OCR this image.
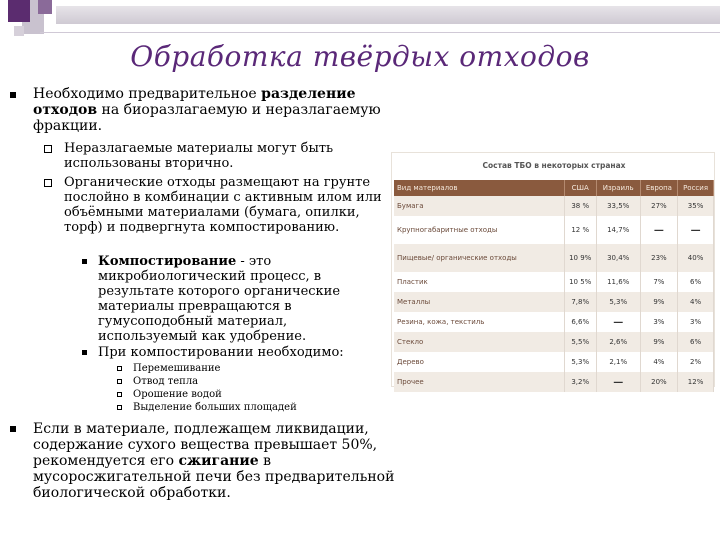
Обработка твёрдых отходов
Необходимо предварительное разделение отходов на биоразлагаемую и неразлагаемую фракции.
Неразлагаемые материалы могут быть использованы вторично.
Органические отходы размещают на грунте послойно в комбинации с активным илом или объёмными материалами (бумага, опилки, торф) и подвергнута компостированию.
Компостирование - это микробиологический процесс, в результате которого органические материалы превращаются в гумусоподобный материал, используемый как удобрение.
При компостировании необходимо:
Перемешивание
Отвод тепла
Орошение водой
Выделение больших площадей
Если в материале, подлежащем ликвидации, содержание сухого вещества превышает 50%, рекомендуется его сжигание в мусоросжигательной печи без предварительной биологической обработки.
Состав ТБО в некоторых странах
Вид материалов	США	Израиль	Европа	Россия
Бумага	38 %	33,5%	27%	35%
Крупногабаритные отходы	12 %	14,7%	—	—
Пищевые/ органические отходы	10 9%	30,4%	23%	40%
Пластик	10 5%	11,6%	7%	6%
Металлы	7,8%	5,3%	9%	4%
Резина, кожа, текстиль	6,6%	—	3%	3%
Стекло	5,5%	2,6%	9%	6%
Дерево	5,3%	2,1%	4%	2%
Прочее	3,2%	—	20%	12%
